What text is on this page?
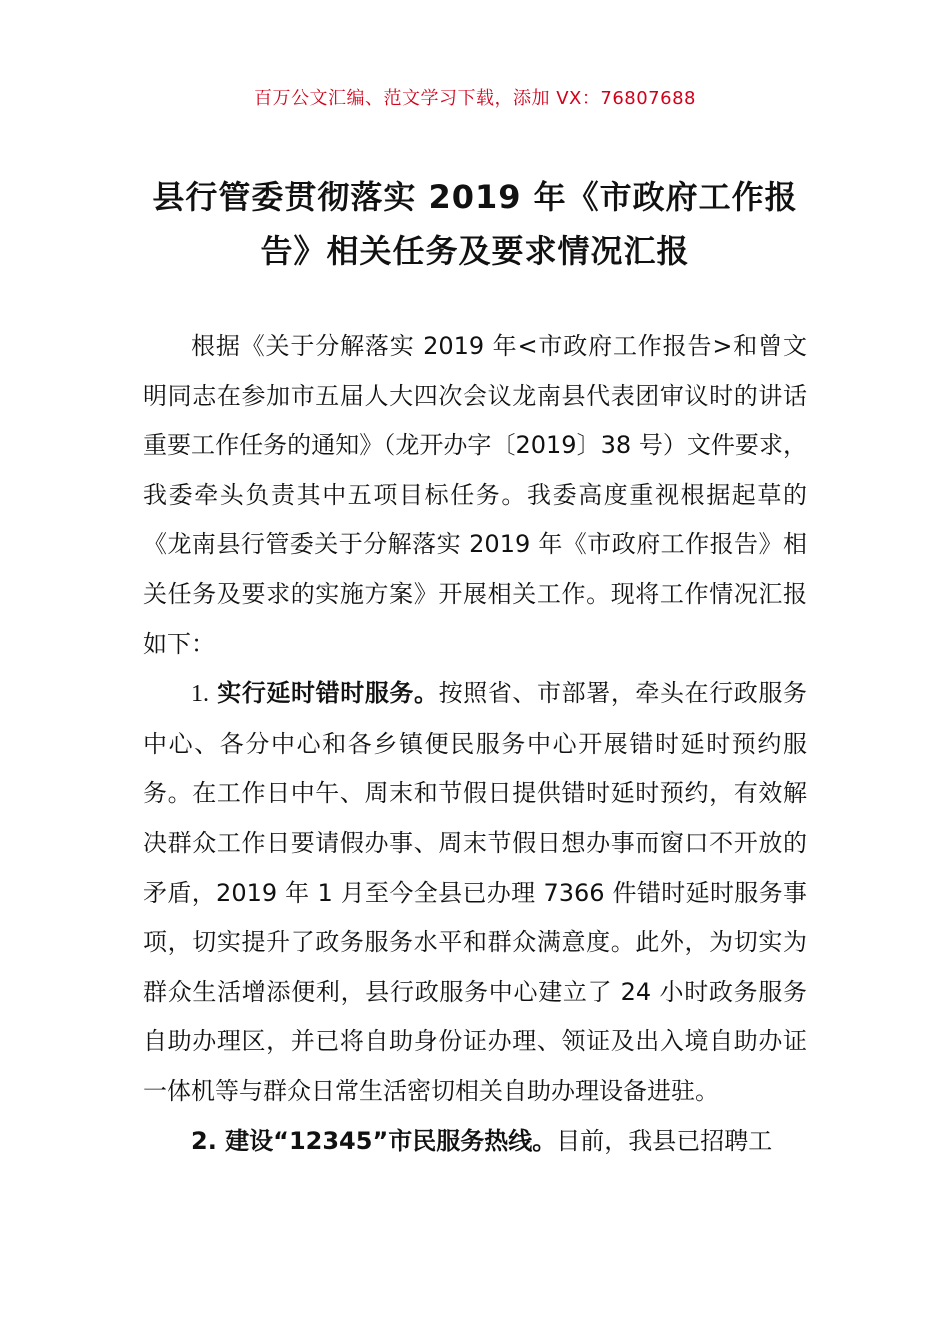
百万公文汇编、范文学习下载，添加 VX：76807688
县行管委贯彻落实 2019 年《市政府工作报
告》相关任务及要求情况汇报

根据《关于分解落实 2019 年<市政府工作报告>和曾文明同志在参加市五届人大四次会议龙南县代表团审议时的讲话重要工作任务的通知》（龙开办字〔2019〕38 号）文件要求，我委牵头负责其中五项目标任务。我委高度重视根据起草的《龙南县行管委关于分解落实 2019 年《市政府工作报告》相关任务及要求的实施方案》开展相关工作。现将工作情况汇报如下：

1. 实行延时错时服务。按照省、市部署，牵头在行政服务中心、各分中心和各乡镇便民服务中心开展错时延时预约服务。在工作日中午、周末和节假日提供错时延时预约，有效解决群众工作日要请假办事、周末节假日想办事而窗口不开放的矛盾，2019 年 1 月至今全县已办理 7366 件错时延时服务事项，切实提升了政务服务水平和群众满意度。此外，为切实为群众生活增添便利，县行政服务中心建立了 24 小时政务服务自助办理区，并已将自助身份证办理、领证及出入境自助办证一体机等与群众日常生活密切相关自助办理设备进驻。

2. 建设“12345”市民服务热线。目前，我县已招聘工
